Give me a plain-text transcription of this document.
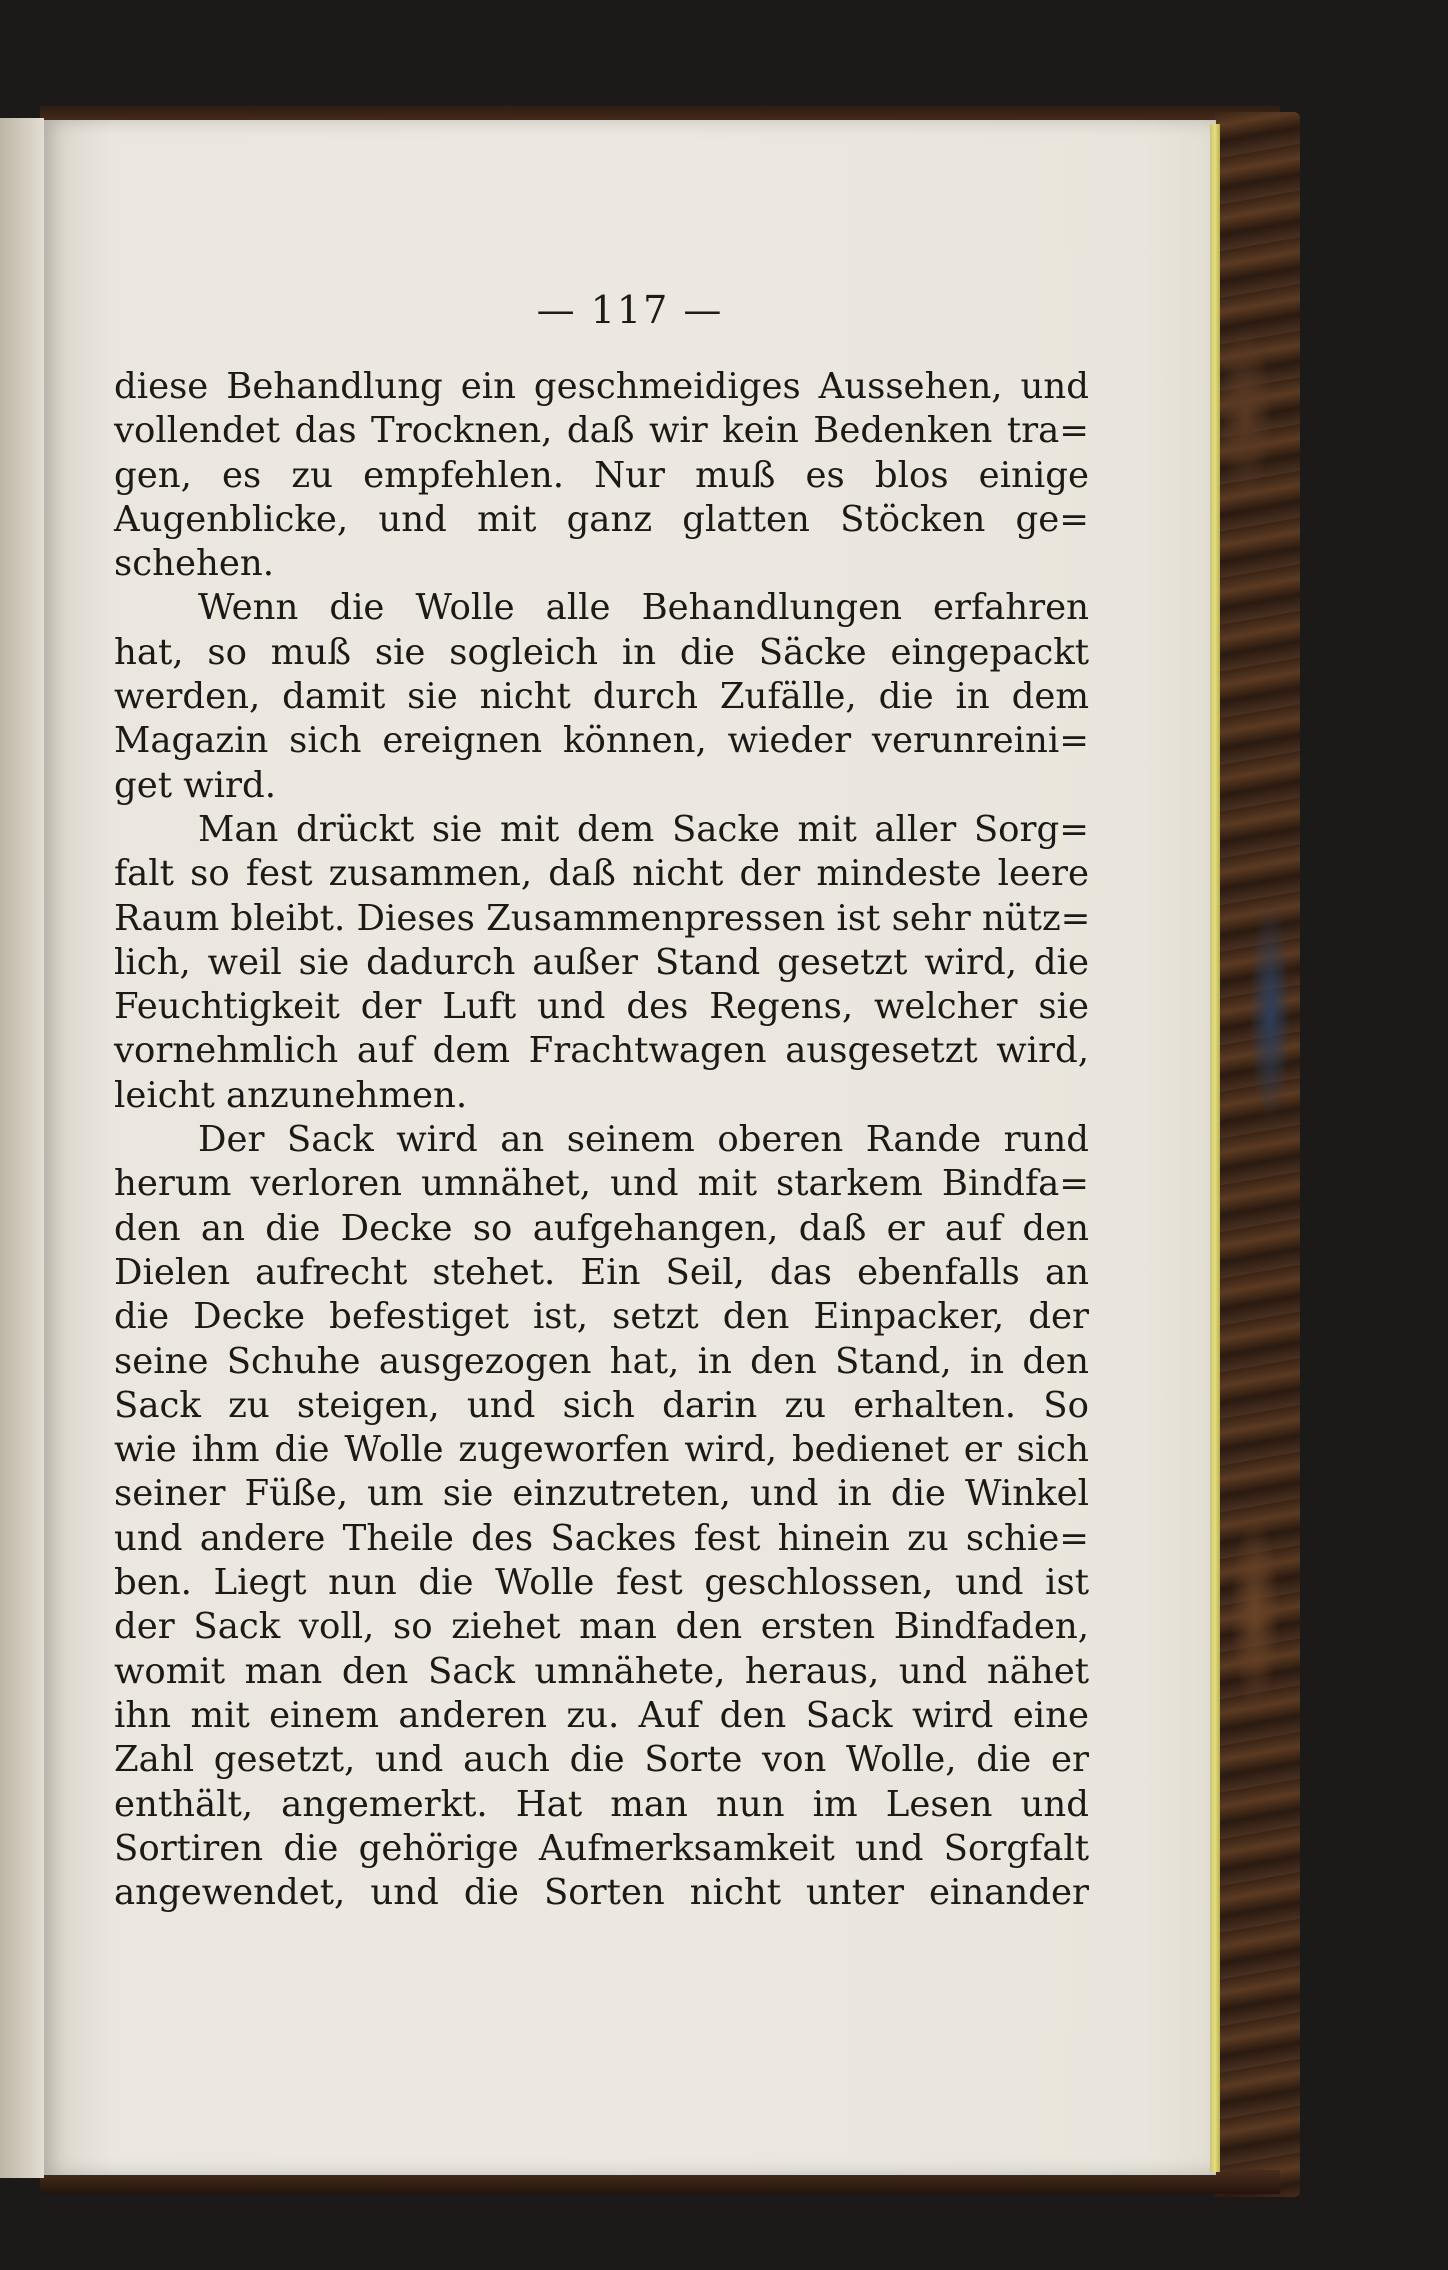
— 117 —
diese Behandlung ein geschmeidiges Aussehen, und
vollendet das Trocknen, daß wir kein Bedenken tra=
gen, es zu empfehlen. Nur muß es blos einige
Augenblicke, und mit ganz glatten Stöcken ge=
schehen.
Wenn die Wolle alle Behandlungen erfahren
hat, so muß sie sogleich in die Säcke eingepackt
werden, damit sie nicht durch Zufälle, die in dem
Magazin sich ereignen können, wieder verunreini=
get wird.
Man drückt sie mit dem Sacke mit aller Sorg=
falt so fest zusammen, daß nicht der mindeste leere
Raum bleibt. Dieses Zusammenpressen ist sehr nütz=
lich, weil sie dadurch außer Stand gesetzt wird, die
Feuchtigkeit der Luft und des Regens, welcher sie
vornehmlich auf dem Frachtwagen ausgesetzt wird,
leicht anzunehmen.
Der Sack wird an seinem oberen Rande rund
herum verloren umnähet, und mit starkem Bindfa=
den an die Decke so aufgehangen, daß er auf den
Dielen aufrecht stehet. Ein Seil, das ebenfalls an
die Decke befestiget ist, setzt den Einpacker, der
seine Schuhe ausgezogen hat, in den Stand, in den
Sack zu steigen, und sich darin zu erhalten. So
wie ihm die Wolle zugeworfen wird, bedienet er sich
seiner Füße, um sie einzutreten, und in die Winkel
und andere Theile des Sackes fest hinein zu schie=
ben. Liegt nun die Wolle fest geschlossen, und ist
der Sack voll, so ziehet man den ersten Bindfaden,
womit man den Sack umnähete, heraus, und nähet
ihn mit einem anderen zu. Auf den Sack wird eine
Zahl gesetzt, und auch die Sorte von Wolle, die er
enthält, angemerkt. Hat man nun im Lesen und
Sortiren die gehörige Aufmerksamkeit und Sorgfalt
angewendet, und die Sorten nicht unter einander
